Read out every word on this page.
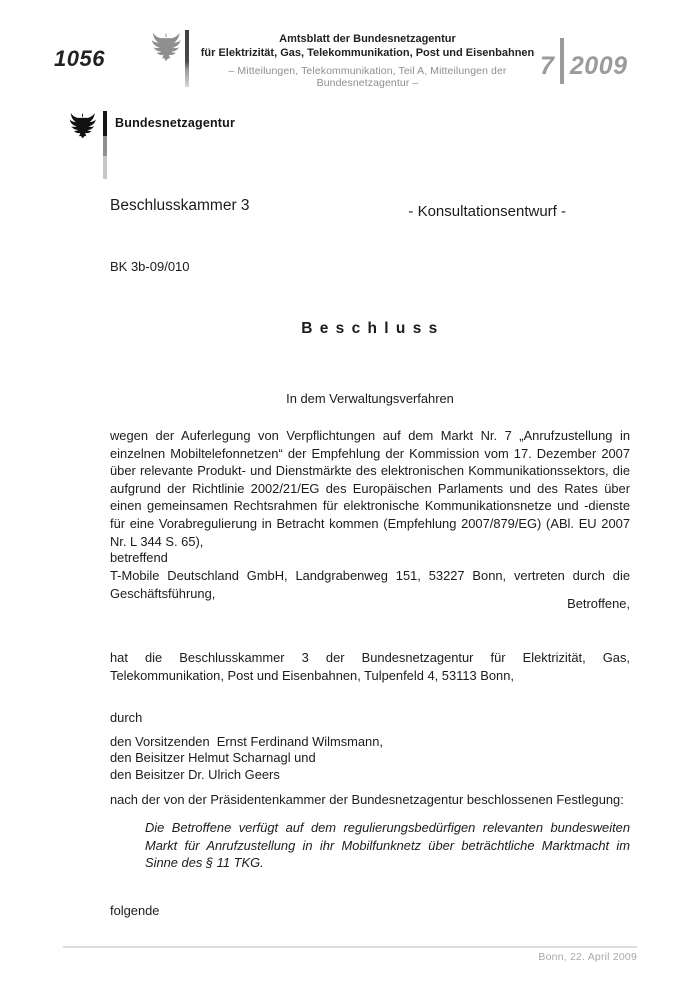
1056
Amtsblatt der Bundesnetzagentur
für Elektrizität, Gas, Telekommunikation, Post und Eisenbahnen
– Mitteilungen, Telekommunikation, Teil A, Mitteilungen der Bundesnetzagentur –
7 2009
Bundesnetzagentur
Beschlusskammer 3	- Konsultationsentwurf -
BK 3b-09/010
B e s c h l u s s
In dem Verwaltungsverfahren
wegen der Auferlegung von Verpflichtungen auf dem Markt Nr. 7 „Anrufzustellung in einzelnen Mobiltelefonnetzen“ der Empfehlung der Kommission vom 17. Dezember 2007 über relevante Produkt- und Dienstmärkte des elektronischen Kommunikationssektors, die aufgrund der Richtlinie 2002/21/EG des Europäischen Parlaments und des Rates über einen gemeinsamen Rechtsrahmen für elektronische Kommunikationsnetze und -dienste für eine Vorabregulierung in Betracht kommen (Empfehlung 2007/879/EG) (ABl. EU 2007 Nr. L 344 S. 65),
betreffend
T-Mobile Deutschland GmbH, Landgrabenweg 151, 53227 Bonn, vertreten durch die Geschäftsführung,
Betroffene,
hat die Beschlusskammer 3 der Bundesnetzagentur für Elektrizität, Gas, Telekommunikation, Post und Eisenbahnen, Tulpenfeld 4, 53113 Bonn,
durch
den Vorsitzenden  Ernst Ferdinand Wilmsmann,
den Beisitzer Helmut Scharnagl und
den Beisitzer Dr. Ulrich Geers
nach der von der Präsidentenkammer der Bundesnetzagentur beschlossenen Festlegung:
Die Betroffene verfügt auf dem regulierungsbedürfigen relevanten bundesweiten Markt für Anrufzustellung in ihr Mobilfunknetz über beträchtliche Marktmacht im Sinne des § 11 TKG.
folgende
Bonn, 22. April 2009
